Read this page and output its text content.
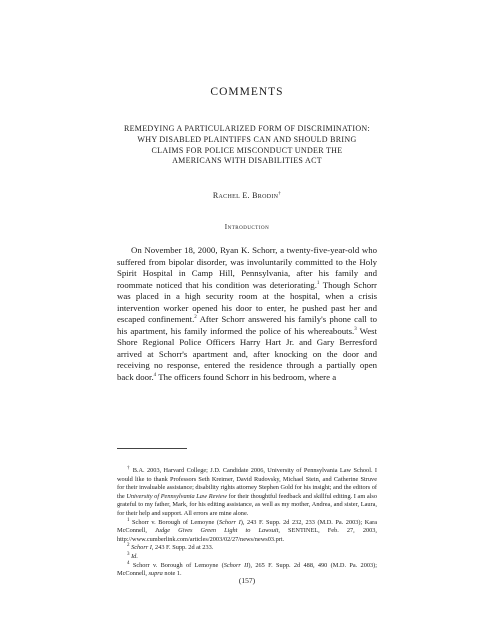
COMMENTS
REMEDYING A PARTICULARIZED FORM OF DISCRIMINATION:
WHY DISABLED PLAINTIFFS CAN AND SHOULD BRING
CLAIMS FOR POLICE MISCONDUCT UNDER THE
AMERICANS WITH DISABILITIES ACT
Rachel E. Brodin†
Introduction

On November 18, 2000, Ryan K. Schorr, a twenty-five-year-old who suffered from bipolar disorder, was involuntarily committed to the Holy Spirit Hospital in Camp Hill, Pennsylvania, after his family and roommate noticed that his condition was deteriorating.$^1$ Though Schorr was placed in a high security room at the hospital, when a crisis intervention worker opened his door to enter, he pushed past her and escaped confinement.$^2$ After Schorr answered his family's phone call to his apartment, his family informed the police of his whereabouts.$^3$ West Shore Regional Police Officers Harry Hart Jr. and Gary Berresford arrived at Schorr's apartment and, after knocking on the door and receiving no response, entered the residence through a partially open back door.$^4$ The officers found Schorr in his bedroom, where a

† B.A. 2003, Harvard College; J.D. Candidate 2006, University of Pennsylvania Law School. I would like to thank Professors Seth Kreimer, David Rudovsky, Michael Stein, and Catherine Struve for their invaluable assistance; disability rights attorney Stephen Gold for his insight; and the editors of the University of Pennsylvania Law Review for their thoughtful feedback and skillful editing. I am also grateful to my father, Mark, for his editing assistance, as well as my mother, Andrea, and sister, Laura, for their help and support. All errors are mine alone.

$^1$ Schorr v. Borough of Lemoyne (Schorr I), 243 F. Supp. 2d 232, 233 (M.D. Pa. 2003); Kara McConnell, Judge Gives Green Light to Lawsuit, SENTINEL, Feb. 27, 2003, http://www.cumberlink.com/articles/2003/02/27/news/news03.prt.

$^2$ Schorr I, 243 F. Supp. 2d at 233.

$^3$ Id.

$^4$ Schorr v. Borough of Lemoyne (Schorr II), 265 F. Supp. 2d 488, 490 (M.D. Pa. 2003); McConnell, supra note 1.

(157)
